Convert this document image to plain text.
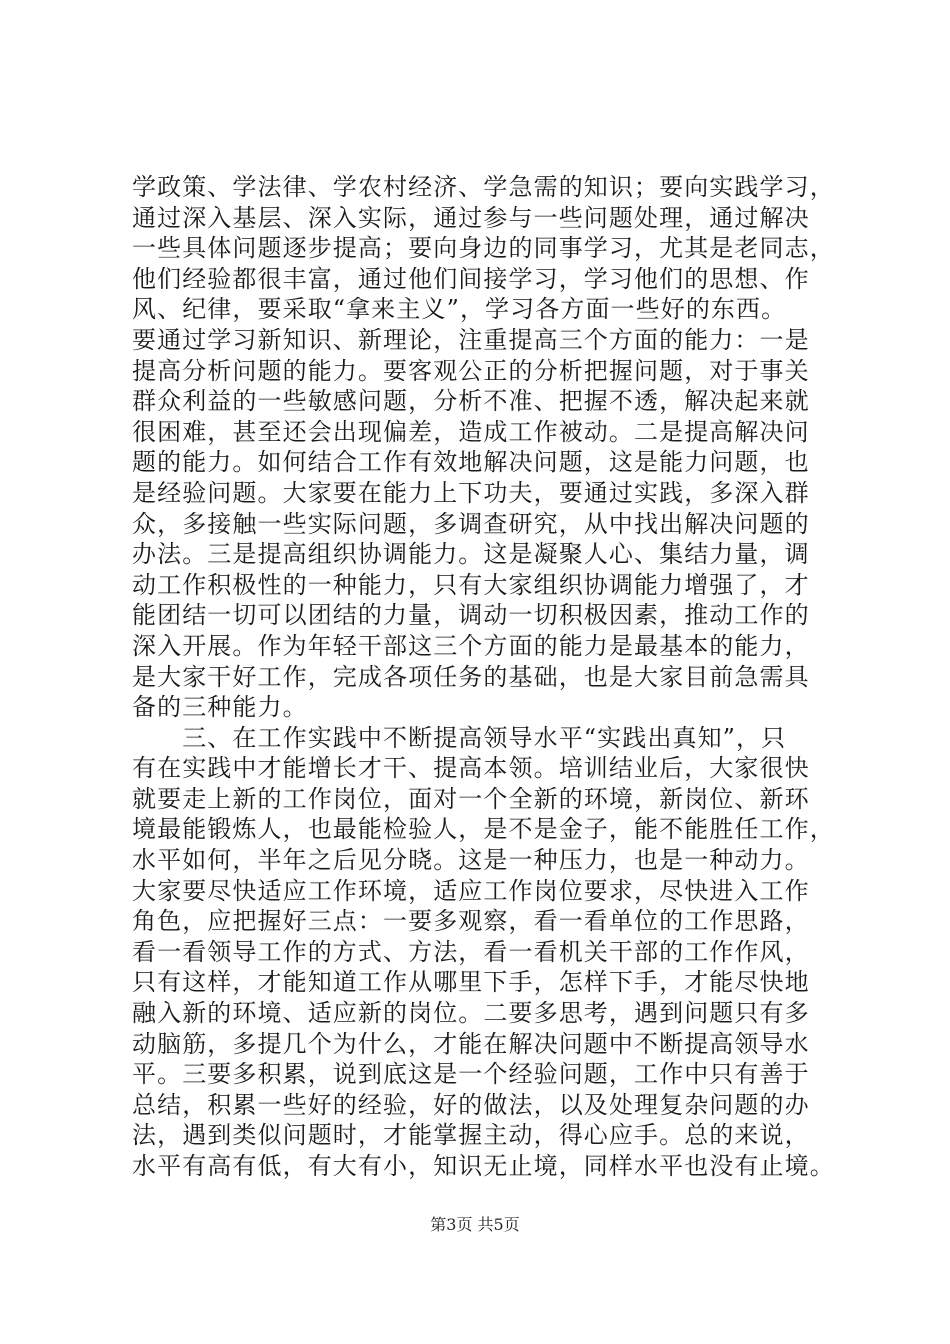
学政策、学法律、学农村经济、学急需的知识；要向实践学习，
通过深入基层、深入实际，通过参与一些问题处理，通过解决
一些具体问题逐步提高；要向身边的同事学习，尤其是老同志，
他们经验都很丰富，通过他们间接学习，学习他们的思想、作
风、纪律，要采取“拿来主义”，学习各方面一些好的东西。
要通过学习新知识、新理论，注重提高三个方面的能力：一是
提高分析问题的能力。要客观公正的分析把握问题，对于事关
群众利益的一些敏感问题，分析不准、把握不透，解决起来就
很困难，甚至还会出现偏差，造成工作被动。二是提高解决问
题的能力。如何结合工作有效地解决问题，这是能力问题，也
是经验问题。大家要在能力上下功夫，要通过实践，多深入群
众，多接触一些实际问题，多调查研究，从中找出解决问题的
办法。三是提高组织协调能力。这是凝聚人心、集结力量，调
动工作积极性的一种能力，只有大家组织协调能力增强了，才
能团结一切可以团结的力量，调动一切积极因素，推动工作的
深入开展。作为年轻干部这三个方面的能力是最基本的能力，
是大家干好工作，完成各项任务的基础，也是大家目前急需具
备的三种能力。
　　三、在工作实践中不断提高领导水平“实践出真知”，只
有在实践中才能增长才干、提高本领。培训结业后，大家很快
就要走上新的工作岗位，面对一个全新的环境，新岗位、新环
境最能锻炼人，也最能检验人，是不是金子，能不能胜任工作，
水平如何，半年之后见分晓。这是一种压力，也是一种动力。
大家要尽快适应工作环境，适应工作岗位要求，尽快进入工作
角色，应把握好三点：一要多观察，看一看单位的工作思路，
看一看领导工作的方式、方法，看一看机关干部的工作作风，
只有这样，才能知道工作从哪里下手，怎样下手，才能尽快地
融入新的环境、适应新的岗位。二要多思考，遇到问题只有多
动脑筋，多提几个为什么，才能在解决问题中不断提高领导水
平。三要多积累，说到底这是一个经验问题，工作中只有善于
总结，积累一些好的经验，好的做法，以及处理复杂问题的办
法，遇到类似问题时，才能掌握主动，得心应手。总的来说，
水平有高有低，有大有小，知识无止境，同样水平也没有止境。
第3页 共5页
